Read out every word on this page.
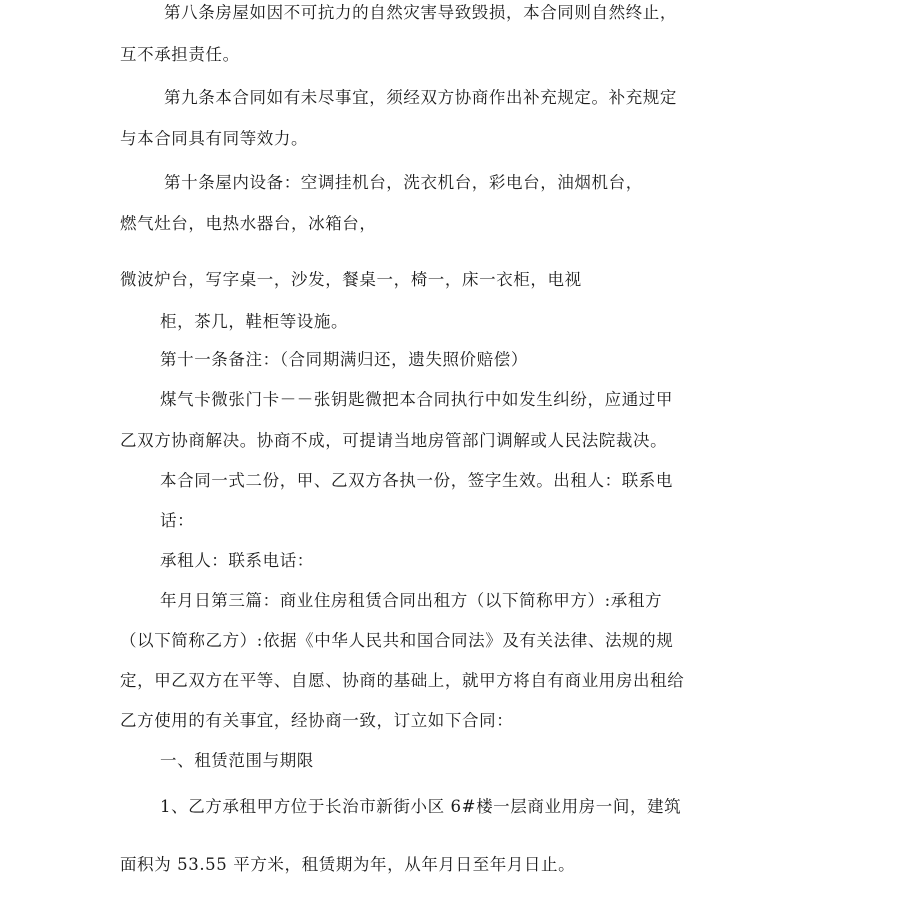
第八条房屋如因不可抗力的自然灾害导致毁损，本合同则自然终止，

互不承担责任。

第九条本合同如有未尽事宜，须经双方协商作出补充规定。补充规定

与本合同具有同等效力。

第十条屋内设备：空调挂机台，洗衣机台，彩电台，油烟机台，

燃气灶台，电热水器台，冰箱台，

微波炉台，写字桌一，沙发，餐桌一，椅一，床一衣柜，电视

柜，茶几，鞋柜等设施。

第十一条备注：（合同期满归还，遗失照价赔偿）

煤气卡微张门卡－－张钥匙微把本合同执行中如发生纠纷，应通过甲

乙双方协商解决。协商不成，可提请当地房管部门调解或人民法院裁决。

本合同一式二份，甲、乙双方各执一份，签字生效。出租人：联系电

话：

承租人：联系电话：

年月日第三篇：商业住房租赁合同出租方（以下简称甲方）:承租方

（以下简称乙方）:依据《中华人民共和国合同法》及有关法律、法规的规

定，甲乙双方在平等、自愿、协商的基础上，就甲方将自有商业用房出租给

乙方使用的有关事宜，经协商一致，订立如下合同：

一、租赁范围与期限

1、乙方承租甲方位于长治市新街小区 6#楼一层商业用房一间，建筑

面积为 53.55 平方米，租赁期为年，从年月日至年月日止。
